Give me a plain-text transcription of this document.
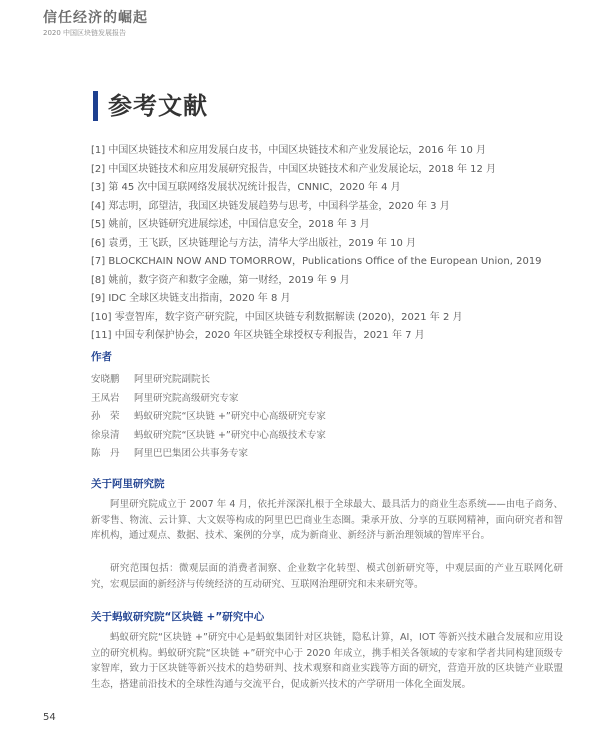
信任经济的崛起
2020 中国区块链发展报告
参考文献
[1] 中国区块链技术和应用发展白皮书，中国区块链技术和产业发展论坛，2016 年 10 月
[2] 中国区块链技术和应用发展研究报告，中国区块链技术和产业发展论坛，2018 年 12 月
[3] 第 45 次中国互联网络发展状况统计报告，CNNIC，2020 年 4 月
[4] 郑志明，邱望洁，我国区块链发展趋势与思考，中国科学基金，2020 年 3 月
[5] 姚前，区块链研究进展综述，中国信息安全，2018 年 3 月
[6] 袁勇，王飞跃，区块链理论与方法，清华大学出版社，2019 年 10 月
[7] BLOCKCHAIN NOW AND TOMORROW，Publications Office of the European Union, 2019
[8] 姚前，数字资产和数字金融，第一财经，2019 年 9 月
[9] IDC 全球区块链支出指南，2020 年 8 月
[10] 零壹智库，数字资产研究院，中国区块链专利数据解读 (2020)，2021 年 2 月
[11] 中国专利保护协会，2020 年区块链全球授权专利报告，2021 年 7 月
作者
安晓鹏 阿里研究院副院长
王凤岩 阿里研究院高级研究专家
孙　荣 蚂蚁研究院“区块链 +”研究中心高级研究专家
徐泉清 蚂蚁研究院“区块链 +”研究中心高级技术专家
陈　丹 阿里巴巴集团公共事务专家
关于阿里研究院
阿里研究院成立于 2007 年 4 月，依托并深深扎根于全球最大、最具活力的商业生态系统——由电子商务、新零售、物流、云计算、大文娱等构成的阿里巴巴商业生态圈。秉承开放、分享的互联网精神，面向研究者和智库机构，通过观点、数据、技术、案例的分享，成为新商业、新经济与新治理领域的智库平台。
研究范围包括：微观层面的消费者洞察、企业数字化转型、模式创新研究等，中观层面的产业互联网化研究，宏观层面的新经济与传统经济的互动研究、互联网治理研究和未来研究等。
关于蚂蚁研究院“区块链 +”研究中心
蚂蚁研究院“区块链 +”研究中心是蚂蚁集团针对区块链，隐私计算，AI，IOT 等新兴技术融合发展和应用设立的研究机构。蚂蚁研究院“区块链 +”研究中心于 2020 年成立，携手相关各领域的专家和学者共同构建顶级专家智库，致力于区块链等新兴技术的趋势研判、技术观察和商业实践等方面的研究，营造开放的区块链产业联盟生态，搭建前沿技术的全球性沟通与交流平台，促成新兴技术的产学研用一体化全面发展。
54
